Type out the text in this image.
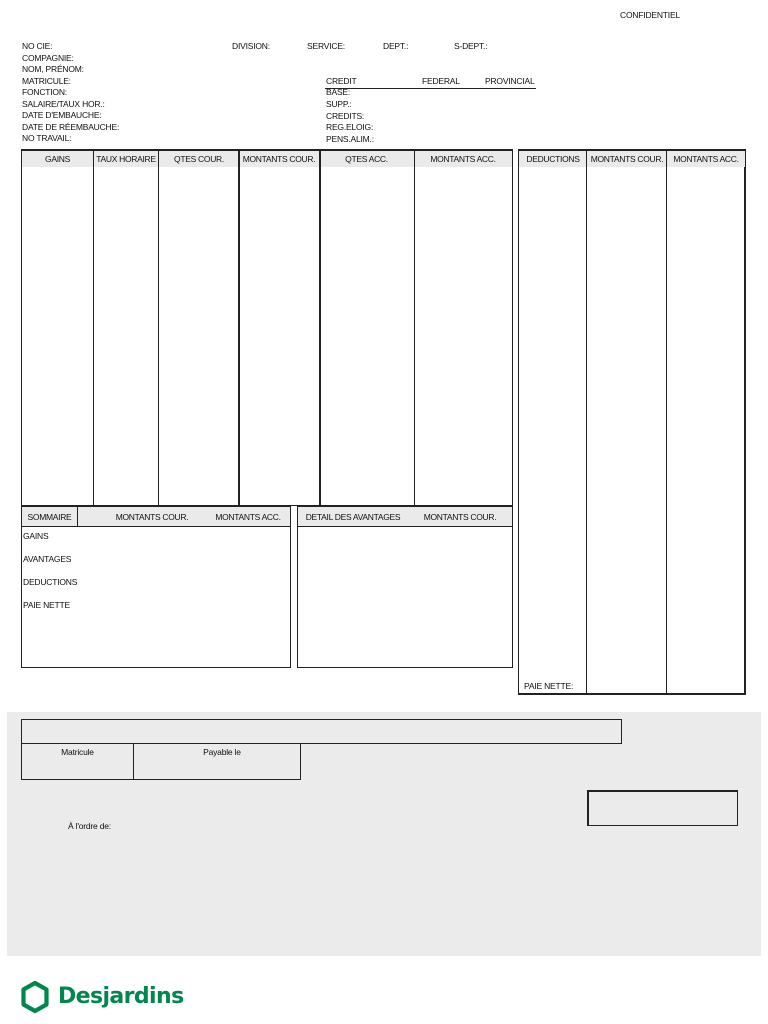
CONFIDENTIEL
NO CIE:
COMPAGNIE:
NOM, PRÉNOM:
MATRICULE:
FONCTION:
SALAIRE/TAUX HOR.:
DATE D'EMBAUCHE:
DATE DE RÉEMBAUCHE:
NO TRAVAIL:
DIVISION:	SERVICE:	DEPT.:	S-DEPT.:
CREDIT	FEDERAL	PROVINCIAL
BASE:
SUPP.:
CREDITS:
REG.ELOIG:
PENS.ALIM.:
GAINS	TAUX HORAIRE	QTES COUR.	MONTANTS COUR.	QTES ACC.	MONTANTS ACC.	DEDUCTIONS	MONTANTS COUR.	MONTANTS ACC.
PAIE NETTE:
SOMMAIRE	MONTANTS COUR.	MONTANTS ACC.
GAINS
AVANTAGES
DEDUCTIONS
PAIE NETTE
DETAIL DES AVANTAGES	MONTANTS COUR.
Matricule	Payable le
À l'ordre de:
Desjardins
